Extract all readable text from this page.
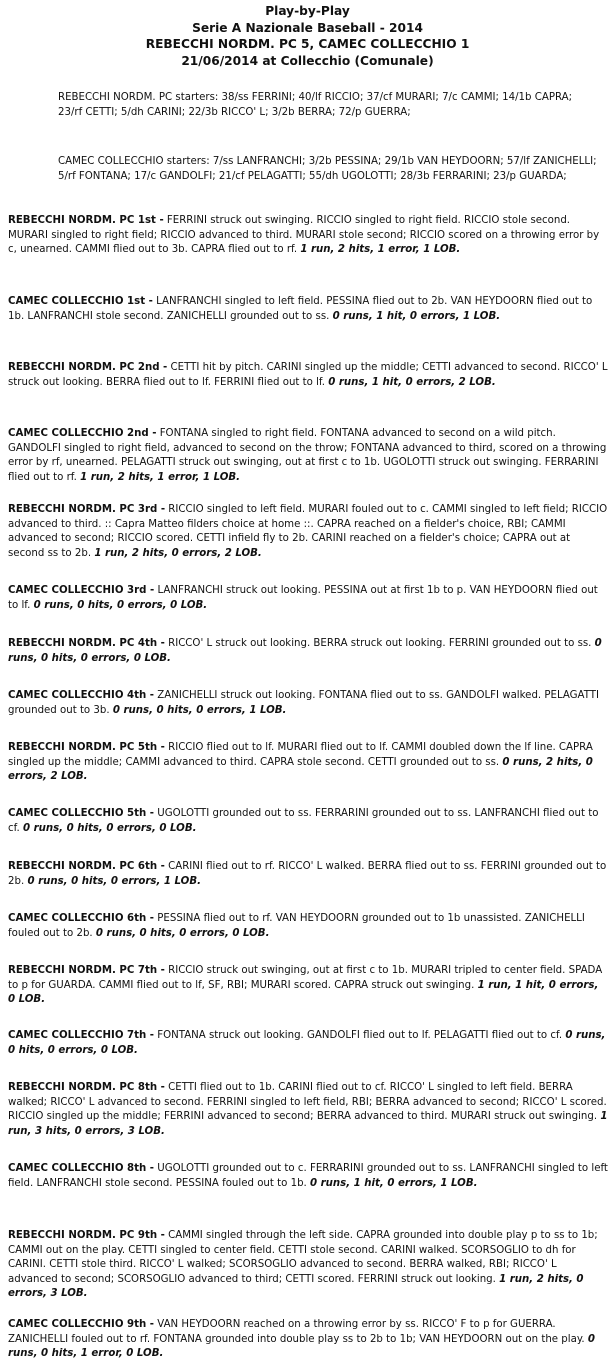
Play-by-Play
Serie A Nazionale Baseball - 2014
REBECCHI NORDM. PC 5, CAMEC COLLECCHIO 1
21/06/2014 at Collecchio (Comunale)
REBECCHI NORDM. PC starters: 38/ss FERRINI; 40/lf RICCIO; 37/cf MURARI; 7/c CAMMI; 14/1b CAPRA; 23/rf CETTI; 5/dh CARINI; 22/3b RICCO' L; 3/2b BERRA; 72/p GUERRA;
CAMEC COLLECCHIO starters: 7/ss LANFRANCHI; 3/2b PESSINA; 29/1b VAN HEYDOORN; 57/lf ZANICHELLI; 5/rf FONTANA; 17/c GANDOLFI; 21/cf PELAGATTI; 55/dh UGOLOTTI; 28/3b FERRARINI; 23/p GUARDA;
REBECCHI NORDM. PC 1st - FERRINI struck out swinging. RICCIO singled to right field. RICCIO stole second. MURARI singled to right field; RICCIO advanced to third. MURARI stole second; RICCIO scored on a throwing error by c, unearned. CAMMI flied out to 3b. CAPRA flied out to rf. 1 run, 2 hits, 1 error, 1 LOB.
CAMEC COLLECCHIO 1st - LANFRANCHI singled to left field. PESSINA flied out to 2b. VAN HEYDOORN flied out to 1b. LANFRANCHI stole second. ZANICHELLI grounded out to ss. 0 runs, 1 hit, 0 errors, 1 LOB.
REBECCHI NORDM. PC 2nd - CETTI hit by pitch. CARINI singled up the middle; CETTI advanced to second. RICCO' L struck out looking. BERRA flied out to lf. FERRINI flied out to lf. 0 runs, 1 hit, 0 errors, 2 LOB.
CAMEC COLLECCHIO 2nd - FONTANA singled to right field. FONTANA advanced to second on a wild pitch. GANDOLFI singled to right field, advanced to second on the throw; FONTANA advanced to third, scored on a throwing error by rf, unearned. PELAGATTI struck out swinging, out at first c to 1b. UGOLOTTI struck out swinging. FERRARINI flied out to rf. 1 run, 2 hits, 1 error, 1 LOB.
REBECCHI NORDM. PC 3rd - RICCIO singled to left field. MURARI fouled out to c. CAMMI singled to left field; RICCIO advanced to third. :: Capra Matteo filders choice at home ::. CAPRA reached on a fielder's choice, RBI; CAMMI advanced to second; RICCIO scored. CETTI infield fly to 2b. CARINI reached on a fielder's choice; CAPRA out at second ss to 2b. 1 run, 2 hits, 0 errors, 2 LOB.
CAMEC COLLECCHIO 3rd - LANFRANCHI struck out looking. PESSINA out at first 1b to p. VAN HEYDOORN flied out to lf. 0 runs, 0 hits, 0 errors, 0 LOB.
REBECCHI NORDM. PC 4th - RICCO' L struck out looking. BERRA struck out looking. FERRINI grounded out to ss. 0 runs, 0 hits, 0 errors, 0 LOB.
CAMEC COLLECCHIO 4th - ZANICHELLI struck out looking. FONTANA flied out to ss. GANDOLFI walked. PELAGATTI grounded out to 3b. 0 runs, 0 hits, 0 errors, 1 LOB.
REBECCHI NORDM. PC 5th - RICCIO flied out to lf. MURARI flied out to lf. CAMMI doubled down the lf line. CAPRA singled up the middle; CAMMI advanced to third. CAPRA stole second. CETTI grounded out to ss. 0 runs, 2 hits, 0 errors, 2 LOB.
CAMEC COLLECCHIO 5th - UGOLOTTI grounded out to ss. FERRARINI grounded out to ss. LANFRANCHI flied out to cf. 0 runs, 0 hits, 0 errors, 0 LOB.
REBECCHI NORDM. PC 6th - CARINI flied out to rf. RICCO' L walked. BERRA flied out to ss. FERRINI grounded out to 2b. 0 runs, 0 hits, 0 errors, 1 LOB.
CAMEC COLLECCHIO 6th - PESSINA flied out to rf. VAN HEYDOORN grounded out to 1b unassisted. ZANICHELLI fouled out to 2b. 0 runs, 0 hits, 0 errors, 0 LOB.
REBECCHI NORDM. PC 7th - RICCIO struck out swinging, out at first c to 1b. MURARI tripled to center field. SPADA to p for GUARDA. CAMMI flied out to lf, SF, RBI; MURARI scored. CAPRA struck out swinging. 1 run, 1 hit, 0 errors, 0 LOB.
CAMEC COLLECCHIO 7th - FONTANA struck out looking. GANDOLFI flied out to lf. PELAGATTI flied out to cf. 0 runs, 0 hits, 0 errors, 0 LOB.
REBECCHI NORDM. PC 8th - CETTI flied out to 1b. CARINI flied out to cf. RICCO' L singled to left field. BERRA walked; RICCO' L advanced to second. FERRINI singled to left field, RBI; BERRA advanced to second; RICCO' L scored. RICCIO singled up the middle; FERRINI advanced to second; BERRA advanced to third. MURARI struck out swinging. 1 run, 3 hits, 0 errors, 3 LOB.
CAMEC COLLECCHIO 8th - UGOLOTTI grounded out to c. FERRARINI grounded out to ss. LANFRANCHI singled to left field. LANFRANCHI stole second. PESSINA fouled out to 1b. 0 runs, 1 hit, 0 errors, 1 LOB.
REBECCHI NORDM. PC 9th - CAMMI singled through the left side. CAPRA grounded into double play p to ss to 1b; CAMMI out on the play. CETTI singled to center field. CETTI stole second. CARINI walked. SCORSOGLIO to dh for CARINI. CETTI stole third. RICCO' L walked; SCORSOGLIO advanced to second. BERRA walked, RBI; RICCO' L advanced to second; SCORSOGLIO advanced to third; CETTI scored. FERRINI struck out looking. 1 run, 2 hits, 0 errors, 3 LOB.
CAMEC COLLECCHIO 9th - VAN HEYDOORN reached on a throwing error by ss. RICCO' F to p for GUERRA. ZANICHELLI fouled out to rf. FONTANA grounded into double play ss to 2b to 1b; VAN HEYDOORN out on the play. 0 runs, 0 hits, 1 error, 0 LOB.
